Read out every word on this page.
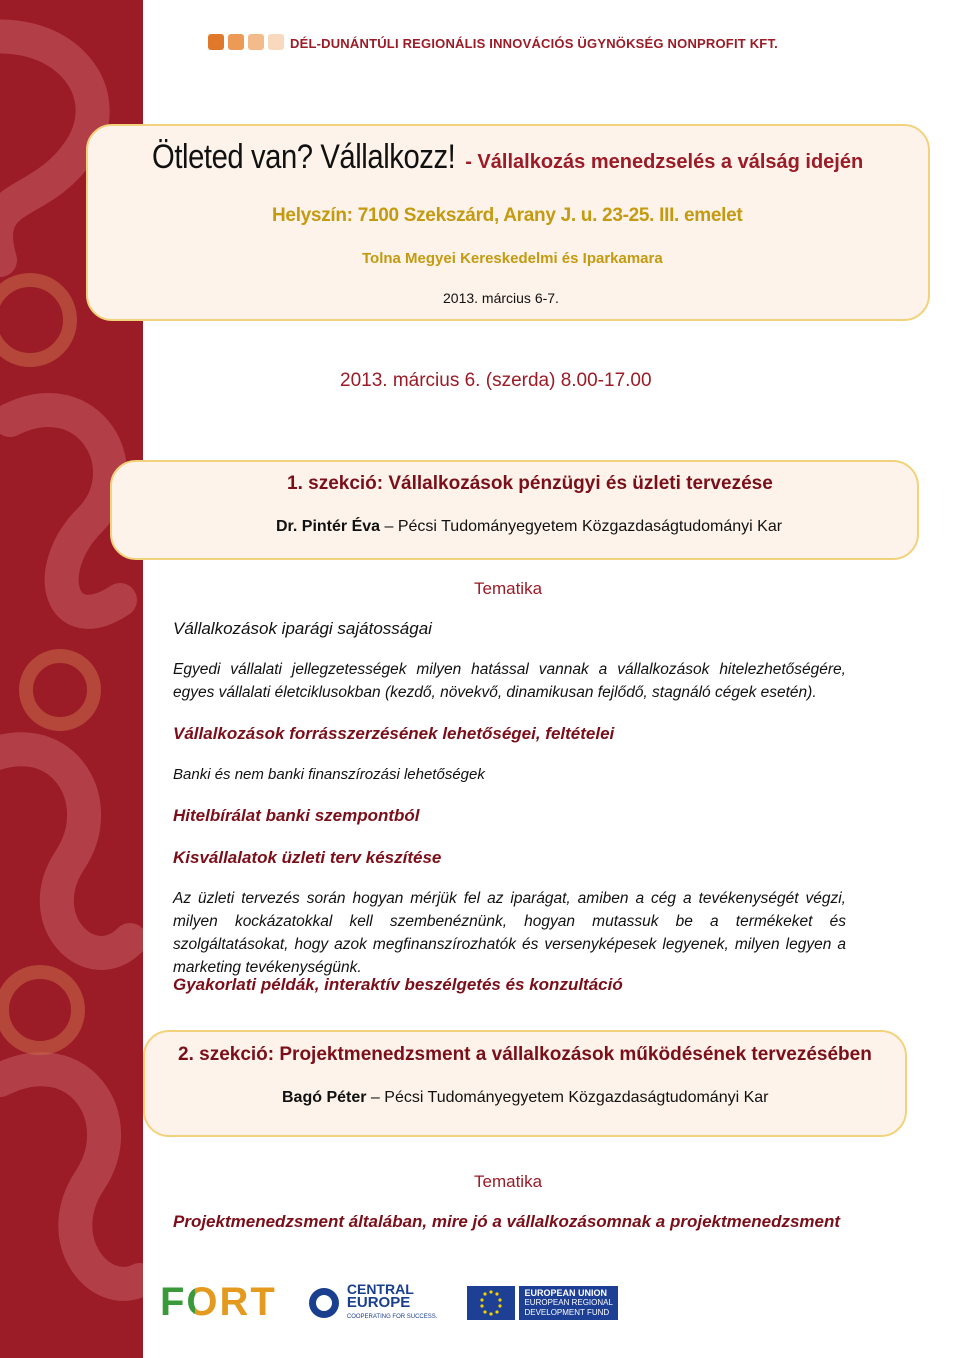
DÉL-DUNÁNTÚLI REGIONÁLIS INNOVÁCIÓS ÜGYNÖKSÉG NONPROFIT KFT.
Ötleted van? Vállalkozz! - Vállalkozás menedzselés a válság idején
Helyszín: 7100 Szekszárd, Arany J. u. 23-25. III. emelet
Tolna Megyei Kereskedelmi és Iparkamara
2013. március 6-7.
2013. március 6. (szerda) 8.00-17.00
1. szekció: Vállalkozások pénzügyi és üzleti tervezése
Dr. Pintér Éva – Pécsi Tudományegyetem Közgazdaságtudományi Kar
Tematika
Vállalkozások iparági sajátosságai

Egyedi vállalati jellegzetességek milyen hatással vannak a vállalkozások hitelezhetőségére, egyes vállalati életciklusokban (kezdő, növekvő, dinamikusan fejlődő, stagnáló cégek esetén).

Vállalkozások forrásszerzésének lehetőségei, feltételei
Banki és nem banki finanszírozási lehetőségek
Hitelbírálat banki szempontból
Kisvállalatok üzleti terv készítése

Az üzleti tervezés során hogyan mérjük fel az iparágat, amiben a cég a tevékenységét végzi, milyen kockázatokkal kell szembenéznünk, hogyan mutassuk be a termékeket és szolgáltatásokat, hogy azok megfinanszírozhatók és versenyképesek legyenek, milyen legyen a marketing tevékenységünk.

Gyakorlati példák, interaktív beszélgetés és konzultáció
2. szekció: Projektmenedzsment a vállalkozások működésének tervezésében
Bagó Péter – Pécsi Tudományegyetem Közgazdaságtudományi Kar
Tematika
Projektmenedzsment általában, mire jó a vállalkozásomnak a projektmenedzsment
FORT	CENTRAL
EUROPE
COOPERATING FOR SUCCESS.
EUROPEAN UNION
EUROPEAN REGIONAL
DEVELOPMENT FUND
